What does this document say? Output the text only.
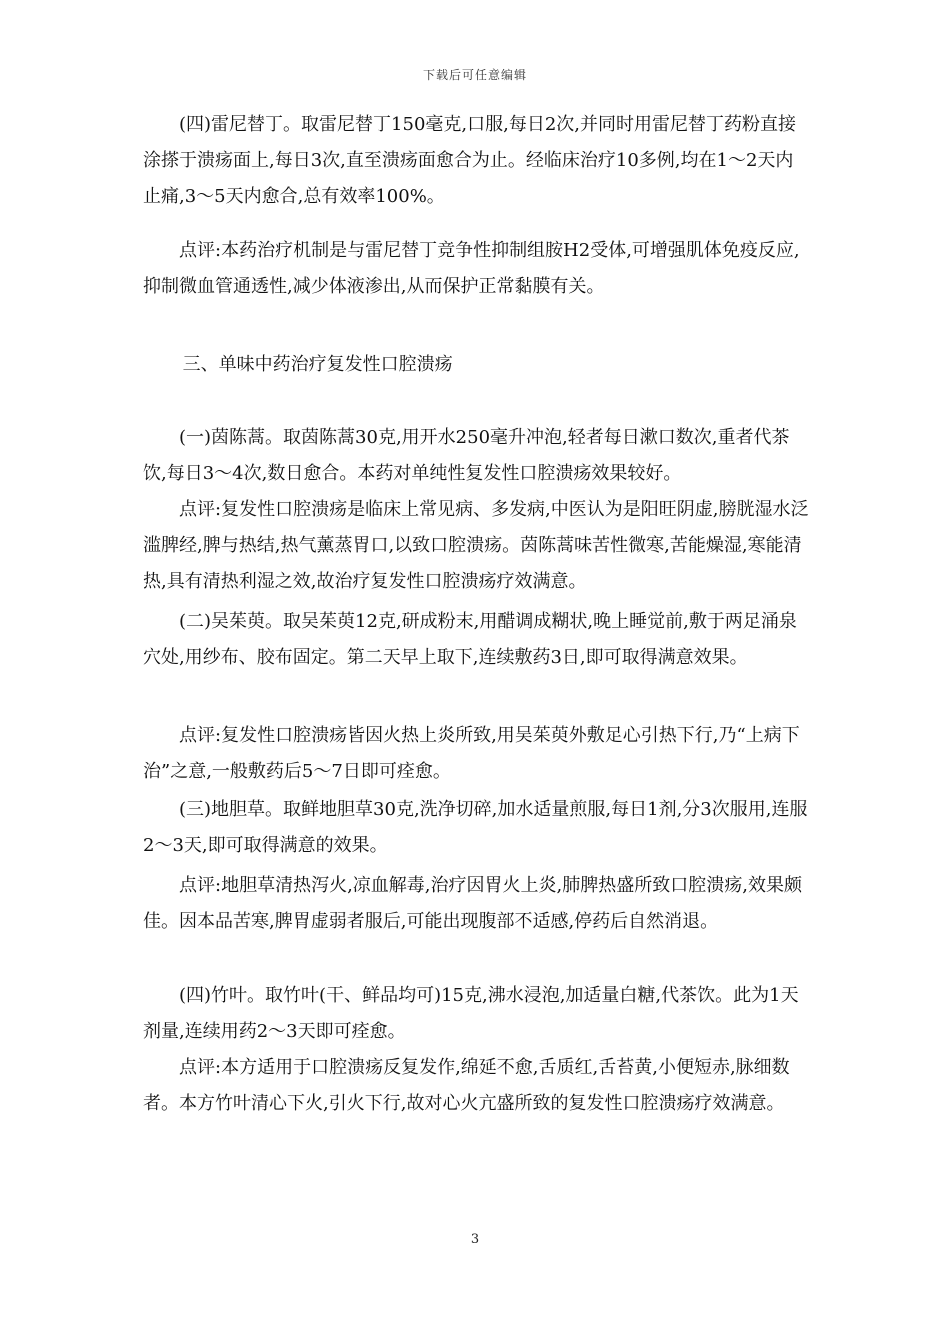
下载后可任意编辑

(四)雷尼替丁。取雷尼替丁150毫克,口服,每日2次,并同时用雷尼替丁药粉直接涂搽于溃疡面上,每日3次,直至溃疡面愈合为止。经临床治疗10多例,均在1～2天内止痛,3～5天内愈合,总有效率100%。

点评:本药治疗机制是与雷尼替丁竞争性抑制组胺H2受体,可增强肌体免疫反应,抑制微血管通透性,减少体液渗出,从而保护正常黏膜有关。

三、单味中药治疗复发性口腔溃疡

(一)茵陈蒿。取茵陈蒿30克,用开水250毫升冲泡,轻者每日漱口数次,重者代茶饮,每日3～4次,数日愈合。本药对单纯性复发性口腔溃疡效果较好。

点评:复发性口腔溃疡是临床上常见病、多发病,中医认为是阳旺阴虚,膀胱湿水泛滥脾经,脾与热结,热气薰蒸胃口,以致口腔溃疡。茵陈蒿味苦性微寒,苦能燥湿,寒能清热,具有清热利湿之效,故治疗复发性口腔溃疡疗效满意。

(二)吴茱萸。取吴茱萸12克,研成粉末,用醋调成糊状,晚上睡觉前,敷于两足涌泉穴处,用纱布、胶布固定。第二天早上取下,连续敷药3日,即可取得满意效果。

点评:复发性口腔溃疡皆因火热上炎所致,用吴茱萸外敷足心引热下行,乃“上病下治”之意,一般敷药后5～7日即可痊愈。

(三)地胆草。取鲜地胆草30克,洗净切碎,加水适量煎服,每日1剂,分3次服用,连服2～3天,即可取得满意的效果。

点评:地胆草清热泻火,凉血解毒,治疗因胃火上炎,肺脾热盛所致口腔溃疡,效果颇佳。因本品苦寒,脾胃虚弱者服后,可能出现腹部不适感,停药后自然消退。

(四)竹叶。取竹叶(干、鲜品均可)15克,沸水浸泡,加适量白糖,代茶饮。此为1天剂量,连续用药2～3天即可痊愈。

点评:本方适用于口腔溃疡反复发作,绵延不愈,舌质红,舌苔黄,小便短赤,脉细数者。本方竹叶清心下火,引火下行,故对心火亢盛所致的复发性口腔溃疡疗效满意。

3
